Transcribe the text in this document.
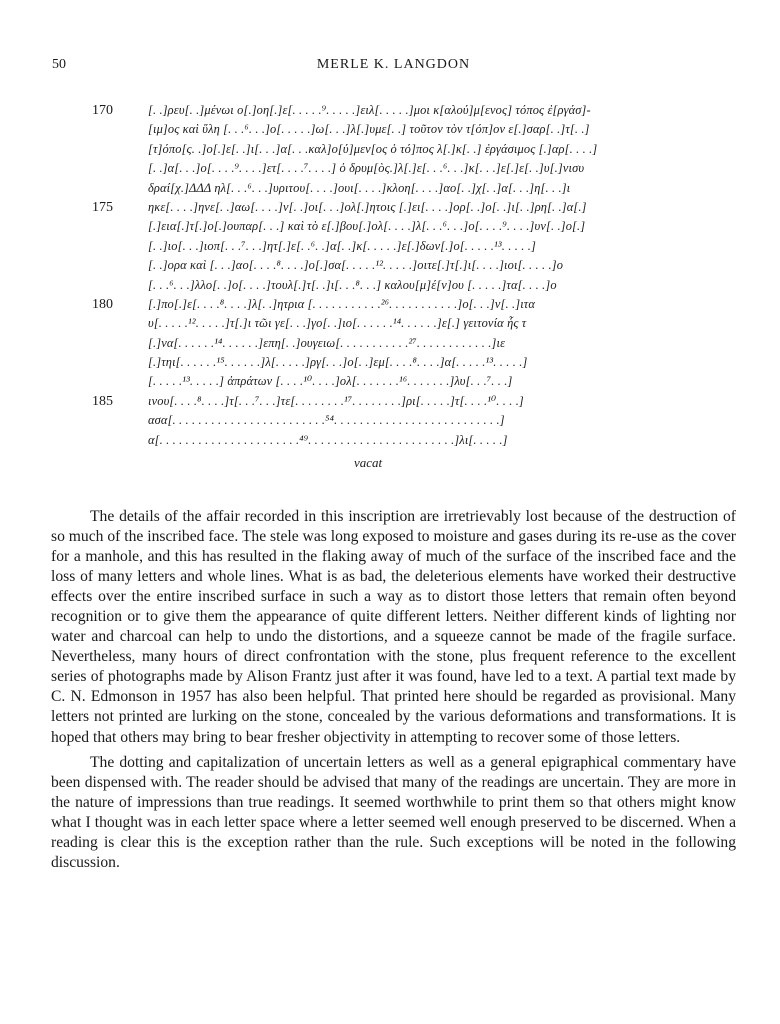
50	MERLE K. LANGDON
170	[. .]ρευ[. .]μένωι ο[.]οη[.]ε[. . . . .⁹. . . . .]ειλ[. . . . .]μοι κ[αλού]μ[ενος] τόπος ἐ[ργάσ]-
[ιμ]ος καὶ ὕλη [. . .⁶. . .]ο[. . . . .]ω[. . .]λ[.]υμε[. .] τοῦτον τὸν τ[όπ]ον ε[.]σαρ[. .]τ[. .]
[τ]όπο[ς. .]ο[.]ε[. .]ι[. . .]α[. . .καλ]ο[ύ]μεν[ος ὁ τό]πος λ[.]κ[. .] ἐργάσιμος [.]αρ[. . . .]
[. .]α[. . .]ο[. . . .⁹. . . .]ετ[. . . .⁷. . . .] ὁ δρυμ[ὸς.]λ[.]ε[. . .⁶. . .]κ[. . .]ε[.]ε[. .]υ[.]νισυ
δραί[χ.]ΔΔΔ ηλ[. . .⁶. . .]υριτου[. . . .]ουι[. . . .]κλοη[. . . .]αο[. .]χ[. .]α[. . .]η[. . .]ι
175	ηκε[. . . .]ηνε[. .]αω[. . . .]ν[. .]οι[. . .]ολ[.]ητοις [.]ει[. . . .]ορ[. .]ο[. .]ι[. .]ρη[. .]α[.]
[.]εια[.]τ[.]ο[.]ουπαρ[. . .] καὶ τὸ ε[.]βου[.]ολ[. . . .]λ[. . .⁶. . .]ο[. . . .⁹. . . .]υν[. .]ο[.]
[. .]ιο[. . .]ιοπ[. . .⁷. . .]ητ[.]ε[. .⁶. .]α[. .]κ[. . . . .]ε[.]δων[.]ο[. . . . .¹³. . . . .]
[. .]ορα καὶ [. . .]αο[. . . .⁸. . . .]ο[.]σα[. . . . .¹². . . . .]οιτε[.]τ[.]ι[. . . .]ιοι[. . . . .]ο
[. . .⁶. . .]λλο[. .]ο[. . . .]τουλ[.]τ[. .]ι[. . .⁸. . .] καλου[μ]έ[ν]ου [. . . . .]τα[. . . .]ο
180	[.]πο[.]ε[. . . .⁸. . . .]λ[. .]ητρια [. . . . . . . . . . .²⁶. . . . . . . . . . .]ο[. . .]ν[. .]ιτα
υ[. . . . .¹². . . . .]τ[.]ι τῶι γε[. . .]γο[. .]ιο[. . . . . .¹⁴. . . . . .]ε[.] γειτονία ἧς τ
[.]να[. . . . . .¹⁴. . . . . .]επη[. .]ουγειω[. . . . . . . . . . .²⁷. . . . . . . . . . . .]ιε
[.]τηι[. . . . . .¹⁵. . . . . .]λ[. . . . .]ργ[. . .]ο[. .]εμ[. . . .⁸. . . .]α[. . . . .¹³. . . . .]
[. . . . .¹³. . . . .] ἀπράτων [. . . .¹⁰. . . .]ολ[. . . . . . .¹⁶. . . . . . .]λυ[. . .⁷. . .]
185	ινου[. . . .⁸. . . .]τ[. . .⁷. . .]τε[. . . . . . . .¹⁷. . . . . . . .]ρι[. . . . .]τ[. . . .¹⁰. . . .]
ασα[. . . . . . . . . . . . . . . . . . . . . . . .⁵⁴. . . . . . . . . . . . . . . . . . . . . . . . . .]
α[. . . . . . . . . . . . . . . . . . . . . .⁴⁹. . . . . . . . . . . . . . . . . . . . . . .]λι[. . . . .]
vacat

The details of the affair recorded in this inscription are irretrievably lost because of the destruction of so much of the inscribed face. The stele was long exposed to moisture and gases during its re-use as the cover for a manhole, and this has resulted in the flaking away of much of the surface of the inscribed face and the loss of many letters and whole lines. What is as bad, the deleterious elements have worked their destructive effects over the entire inscribed surface in such a way as to distort those letters that remain often beyond recognition or to give them the appearance of quite different letters. Neither different kinds of lighting nor water and charcoal can help to undo the distortions, and a squeeze cannot be made of the fragile surface. Nevertheless, many hours of direct confrontation with the stone, plus frequent reference to the excellent series of photographs made by Alison Frantz just after it was found, have led to a text. A partial text made by C. N. Edmonson in 1957 has also been helpful. That printed here should be regarded as provisional. Many letters not printed are lurking on the stone, concealed by the various deformations and transformations. It is hoped that others may bring to bear fresher objectivity in attempting to recover some of those letters.

The dotting and capitalization of uncertain letters as well as a general epigraphical commentary have been dispensed with. The reader should be advised that many of the readings are uncertain. They are more in the nature of impressions than true readings. It seemed worthwhile to print them so that others might know what I thought was in each letter space where a letter seemed well enough preserved to be discerned. When a reading is clear this is the exception rather than the rule. Such exceptions will be noted in the following discussion.
